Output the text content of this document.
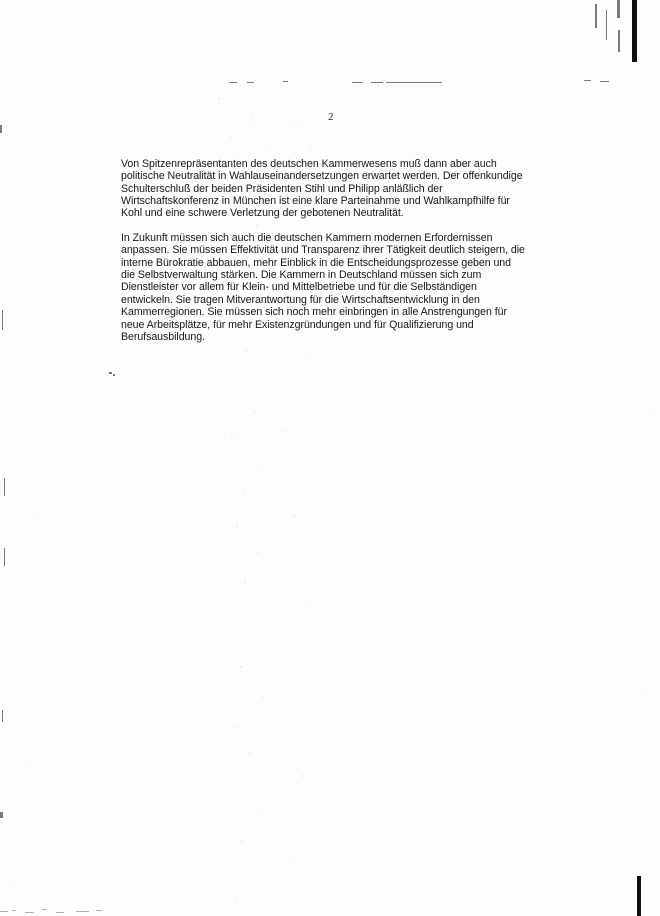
2

Von Spitzenrepräsentanten des deutschen Kammerwesens muß dann aber auch
politische Neutralität in Wahlauseinandersetzungen erwartet werden. Der offenkundige
Schulterschluß der beiden Präsidenten Stihl und Philipp anläßlich der
Wirtschaftskonferenz in München ist eine klare Parteinahme und Wahlkampfhilfe für
Kohl und eine schwere Verletzung der gebotenen Neutralität.

In Zukunft müssen sich auch die deutschen Kammern modernen Erfordernissen
anpassen. Sie müssen Effektivität und Transparenz ihrer Tätigkeit deutlich steigern, die
interne Bürokratie abbauen, mehr Einblick in die Entscheidungsprozesse geben und
die Selbstverwaltung stärken. Die Kammern in Deutschland müssen sich zum
Dienstleister vor allem für Klein- und Mittelbetriebe und für die Selbständigen
entwickeln. Sie tragen Mitverantwortung für die Wirtschaftsentwicklung in den
Kammerregionen. Sie müssen sich noch mehr einbringen in alle Anstrengungen für
neue Arbeitsplätze, für mehr Existenzgründungen und für Qualifizierung und
Berufsausbildung.
